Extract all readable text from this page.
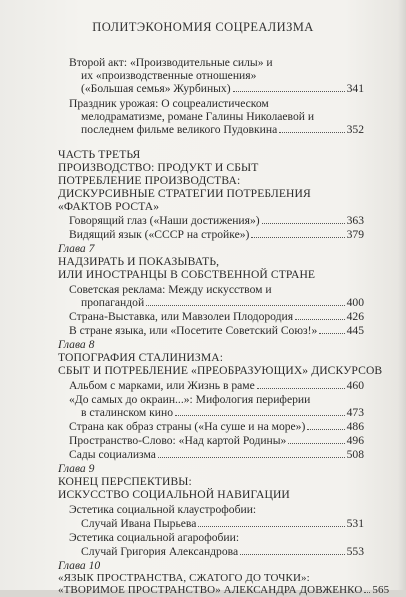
ПОЛИТЭКОНОМИЯ СОЦРЕАЛИЗМА
Второй акт: «Производительные силы» и
их «производственные отношения»
(«Большая семья» Журбиных)	341
Праздник урожая: О соцреалистическом
мелодраматизме, романе Галины Николаевой и
последнем фильме великого Пудовкина	352
ЧАСТЬ ТРЕТЬЯ
ПРОИЗВОДСТВО: ПРОДУКТ И СБЫТ
ПОТРЕБЛЕНИЕ ПРОИЗВОДСТВА:
ДИСКУРСИВНЫЕ СТРАТЕГИИ ПОТРЕБЛЕНИЯ
«ФАКТОВ РОСТА»
Говорящий глаз («Наши достижения»)	363
Видящий язык («СССР на стройке»)	379
Глава 7
НАДЗИРАТЬ И ПОКАЗЫВАТЬ,
ИЛИ ИНОСТРАНЦЫ В СОБСТВЕННОЙ СТРАНЕ
Советская реклама: Между искусством и
пропагандой	400
Страна-Выставка, или Мавзолеи Плодородия	426
В стране языка, или «Посетите Советский Союз!»	445
Глава 8
ТОПОГРАФИЯ СТАЛИНИЗМА:
СБЫТ И ПОТРЕБЛЕНИЕ «ПРЕОБРАЗУЮЩИХ» ДИСКУРСОВ
Альбом с марками, или Жизнь в раме	460
«До самых до окраин...»: Мифология периферии
в сталинском кино	473
Страна как образ страны («На суше и на море»)	486
Пространство-Слово: «Над картой Родины»	496
Сады социализма	508
Глава 9
КОНЕЦ ПЕРСПЕКТИВЫ:
ИСКУССТВО СОЦИАЛЬНОЙ НАВИГАЦИИ
Эстетика социальной клаустрофобии:
Случай Ивана Пырьева	531
Эстетика социальной агарофобии:
Случай Григория Александрова	553
Глава 10
«ЯЗЫК ПРОСТРАНСТВА, СЖАТОГО ДО ТОЧКИ»:
«ТВОРИМОЕ ПРОСТРАНСТВО» АЛЕКСАНДРА ДОВЖЕНКО 565
